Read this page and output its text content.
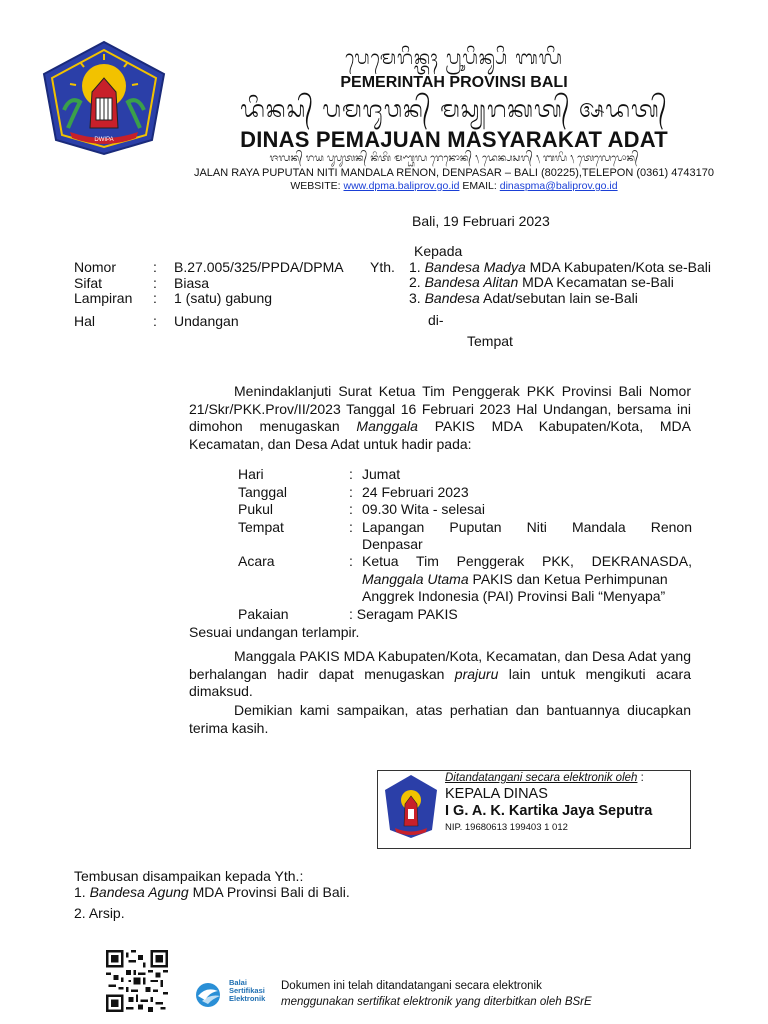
DWIPA
ᬧᬾᬫᬾᬭᬶᬦ᭄ᬢᬄ ᬧ᭄ᬭᬸᬧᬶᬦ᭄ᬲᬶ ᬩᬮᬶ
PEMERINTAH PROVINSI BALI
ᬤᬶᬦᬲ᭄ ᬧᬫᬚᬸᬯᬦ᭄ ᬫᬲ᭄ᬬᬭᬓᬢ᭄ ᬅᬤᬢ᭄
DINAS PEMAJUAN MASYARAKAT ADAT
ᬚᬮᬦ᭄ ᬭᬬ ᬧᬸᬧᬸᬢᬦ᭄ ᬦᬶᬢᬶ ᬫᬡ᭄ᬟᬮ ᬭᬾᬦᭀᬦ᭄ ᭞ ᬤᬾᬦ᭄ᬧᬲᬭ᭄ ᭞ ᬩᬮᬶ ᭞ ᬢᬾᬮᬾᬧᭀᬦ᭄
JALAN RAYA PUPUTAN NITI MANDALA RENON, DENPASAR – BALI (80225),TELEPON (0361) 4743170
WEBSITE: www.dpma.baliprov.go.id EMAIL: dinaspma@baliprov.go.id
Bali, 19 Februari 2023
Kepada
Nomor	: B.27.005/325/PPDA/DPMA
Sifat	: Biasa
Lampiran : 1 (satu) gabung
Hal	: Undangan
Yth. 1. Bandesa Madya MDA Kabupaten/Kota se-Bali
2. Bandesa Alitan MDA Kecamatan se-Bali
3. Bandesa Adat/sebutan lain se-Bali
di-
Tempat
Menindaklanjuti Surat Ketua Tim Penggerak PKK Provinsi Bali Nomor 21/Skr/PKK.Prov/II/2023 Tanggal 16 Februari 2023 Hal Undangan, bersama ini dimohon menugaskan Manggala PAKIS MDA Kabupaten/Kota, MDA Kecamatan, dan Desa Adat untuk hadir pada:
Hari	: Jumat
Tanggal	: 24 Februari 2023
Pukul	: 09.30 Wita - selesai
Tempat	: Lapangan Puputan Niti Mandala Renon
Denpasar
Acara	: Ketua Tim Penggerak PKK, DEKRANASDA,
Manggala Utama PAKIS dan Ketua Perhimpunan
Anggrek Indonesia (PAI) Provinsi Bali “Menyapa”
Pakaian	: Seragam PAKIS
Sesuai undangan terlampir.
Manggala PAKIS MDA Kabupaten/Kota, Kecamatan, dan Desa Adat yang berhalangan hadir dapat menugaskan prajuru lain untuk mengikuti acara dimaksud.
Demikian kami sampaikan, atas perhatian dan bantuannya diucapkan terima kasih.
Ditandatangani secara elektronik oleh :
KEPALA DINAS
I G. A. K. Kartika Jaya Seputra
NIP. 19680613 199403 1 012
Tembusan disampaikan kepada Yth.:
1. Bandesa Agung MDA Provinsi Bali di Bali.
2. Arsip.
Balai
Sertifikasi
Elektronik
Dokumen ini telah ditandatangani secara elektronik
menggunakan sertifikat elektronik yang diterbitkan oleh BSrE
